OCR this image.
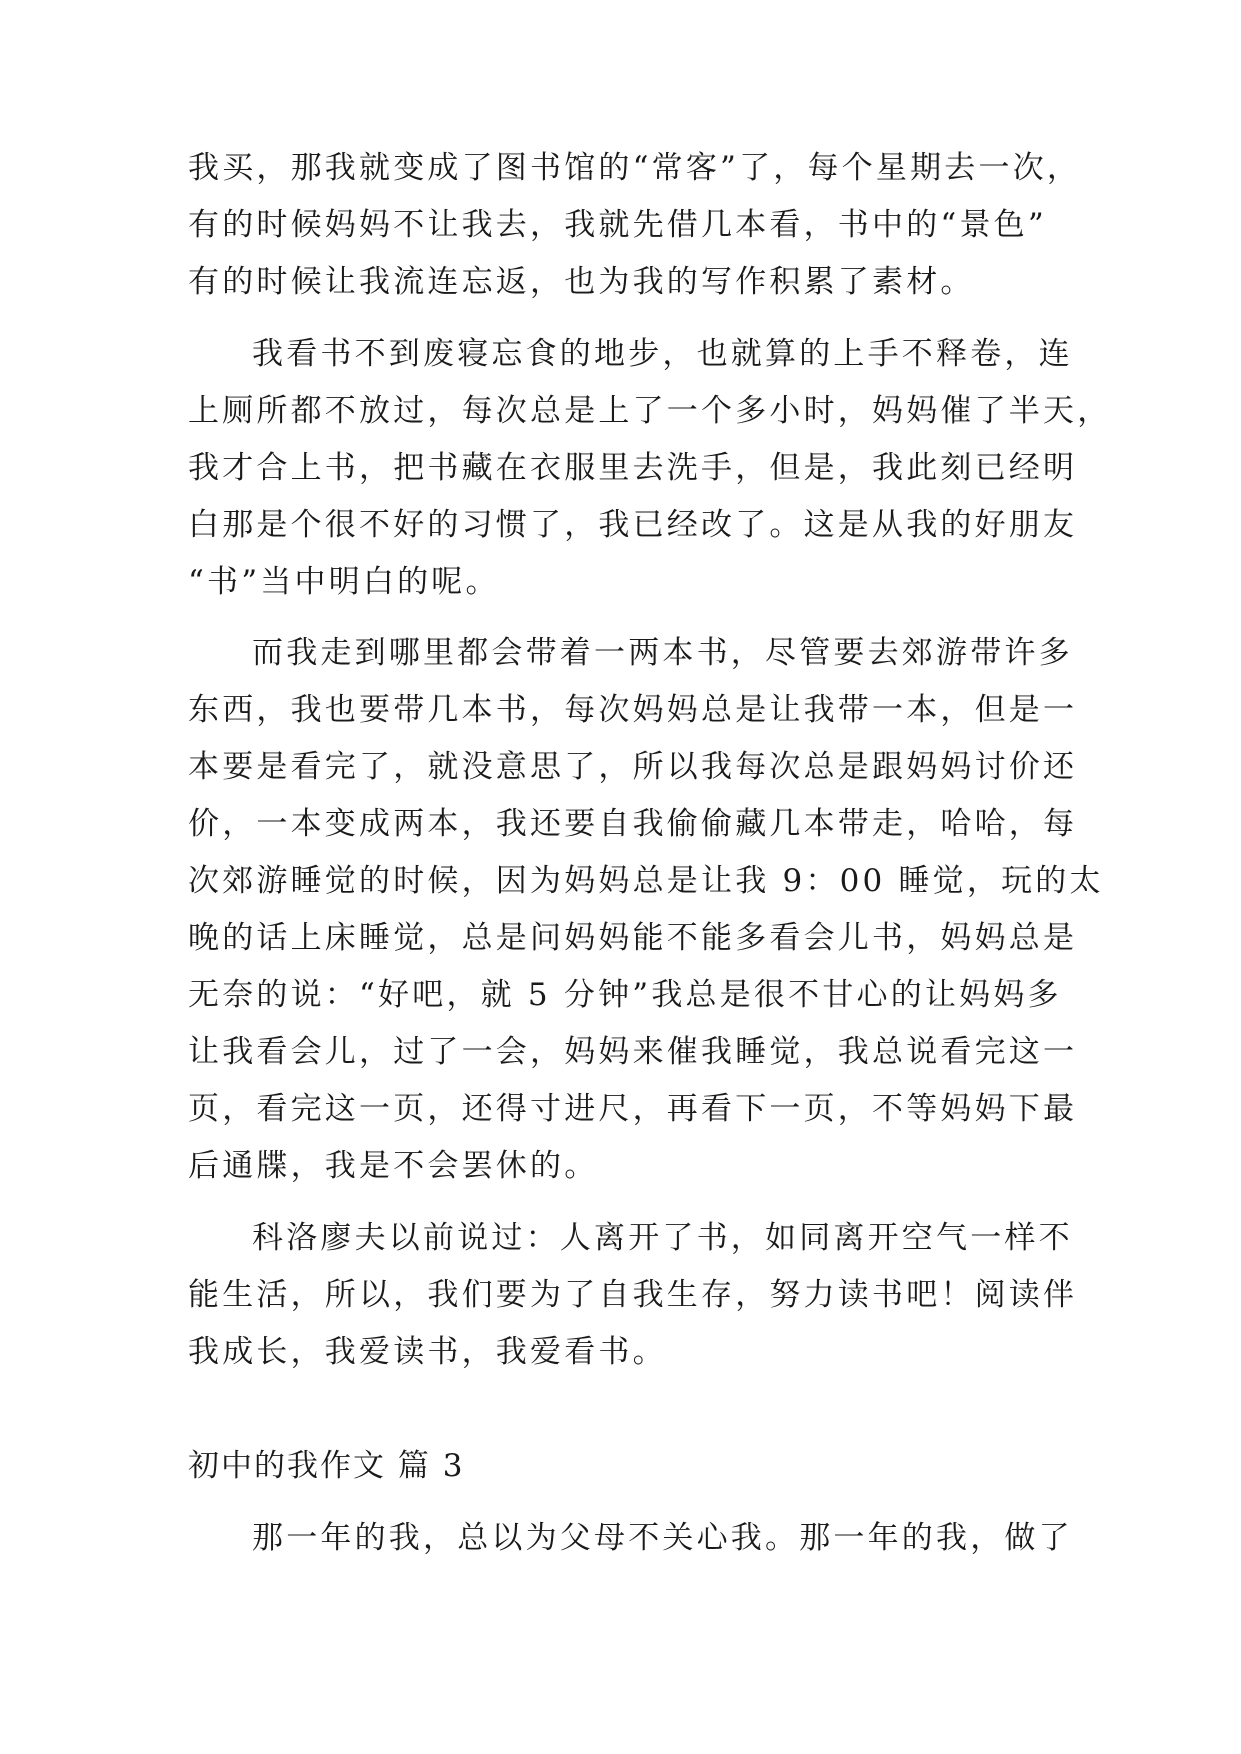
我买，那我就变成了图书馆的“常客”了，每个星期去一次，
有的时候妈妈不让我去，我就先借几本看，书中的“景色”
有的时候让我流连忘返，也为我的写作积累了素材。
我看书不到废寝忘食的地步，也就算的上手不释卷，连
上厕所都不放过，每次总是上了一个多小时，妈妈催了半天，
我才合上书，把书藏在衣服里去洗手，但是，我此刻已经明
白那是个很不好的习惯了，我已经改了。这是从我的好朋友
“书”当中明白的呢。
而我走到哪里都会带着一两本书，尽管要去郊游带许多
东西，我也要带几本书，每次妈妈总是让我带一本，但是一
本要是看完了，就没意思了，所以我每次总是跟妈妈讨价还
价，一本变成两本，我还要自我偷偷藏几本带走，哈哈，每
次郊游睡觉的时候，因为妈妈总是让我 9：00 睡觉，玩的太
晚的话上床睡觉，总是问妈妈能不能多看会儿书，妈妈总是
无奈的说：“好吧，就 5 分钟”我总是很不甘心的让妈妈多
让我看会儿，过了一会，妈妈来催我睡觉，我总说看完这一
页，看完这一页，还得寸进尺，再看下一页，不等妈妈下最
后通牒，我是不会罢休的。
科洛廖夫以前说过：人离开了书，如同离开空气一样不
能生活，所以，我们要为了自我生存，努力读书吧！阅读伴
我成长，我爱读书，我爱看书。
初中的我作文 篇 3
那一年的我，总以为父母不关心我。那一年的我，做了
